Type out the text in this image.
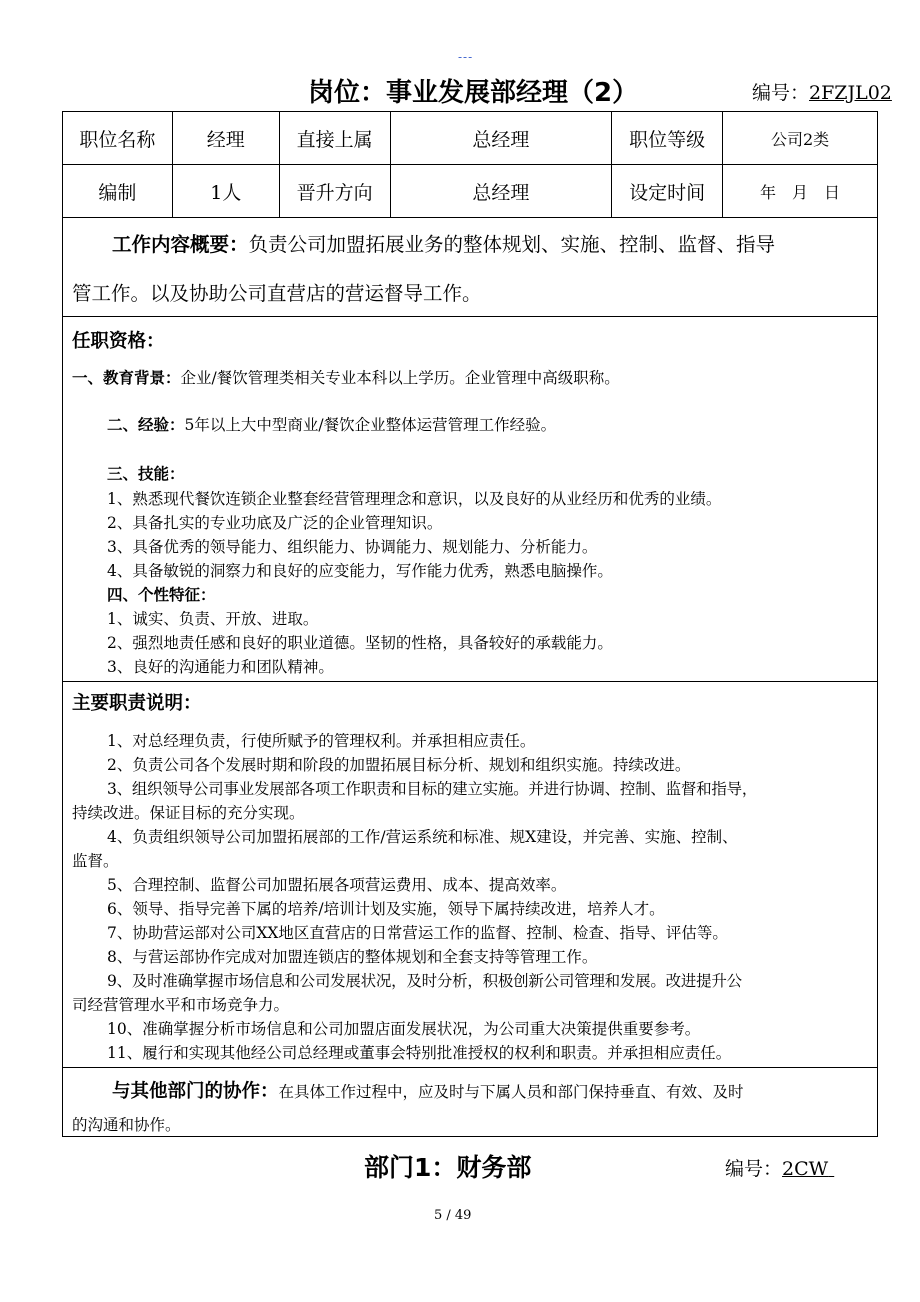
---
岗位：事业发展部经理（2）	编号：2FZJL02
职位名称	经理	直接上属	总经理	职位等级	公司2类
编制	1人	晋升方向	总经理	设定时间	年　月　日
工作内容概要：负责公司加盟拓展业务的整体规划、实施、控制、监督、指导
管工作。以及协助公司直营店的营运督导工作。
任职资格：
一、教育背景：企业/餐饮管理类相关专业本科以上学历。企业管理中高级职称。
二、经验：5年以上大中型商业/餐饮企业整体运营管理工作经验。
三、技能：
1、熟悉现代餐饮连锁企业整套经营管理理念和意识，以及良好的从业经历和优秀的业绩。
2、具备扎实的专业功底及广泛的企业管理知识。
3、具备优秀的领导能力、组织能力、协调能力、规划能力、分析能力。
4、具备敏锐的洞察力和良好的应变能力，写作能力优秀，熟悉电脑操作。
四、个性特征：
1、诚实、负责、开放、进取。
2、强烈地责任感和良好的职业道德。坚韧的性格，具备较好的承载能力。
3、良好的沟通能力和团队精神。
主要职责说明：
1、对总经理负责，行使所赋予的管理权利。并承担相应责任。
2、负责公司各个发展时期和阶段的加盟拓展目标分析、规划和组织实施。持续改进。
3、组织领导公司事业发展部各项工作职责和目标的建立实施。并进行协调、控制、监督和指导，
持续改进。保证目标的充分实现。
4、负责组织领导公司加盟拓展部的工作/营运系统和标准、规X建设，并完善、实施、控制、
监督。
5、合理控制、监督公司加盟拓展各项营运费用、成本、提高效率。
6、领导、指导完善下属的培养/培训计划及实施，领导下属持续改进，培养人才。
7、协助营运部对公司XX地区直营店的日常营运工作的监督、控制、检查、指导、评估等。
8、与营运部协作完成对加盟连锁店的整体规划和全套支持等管理工作。
9、及时准确掌握市场信息和公司发展状况，及时分析，积极创新公司管理和发展。改进提升公
司经营管理水平和市场竞争力。
10、准确掌握分析市场信息和公司加盟店面发展状况，为公司重大决策提供重要参考。
11、履行和实现其他经公司总经理或董事会特别批准授权的权利和职责。并承担相应责任。
与其他部门的协作：在具体工作过程中，应及时与下属人员和部门保持垂直、有效、及时
的沟通和协作。
部门1：财务部	编号：2CW
5 / 49
